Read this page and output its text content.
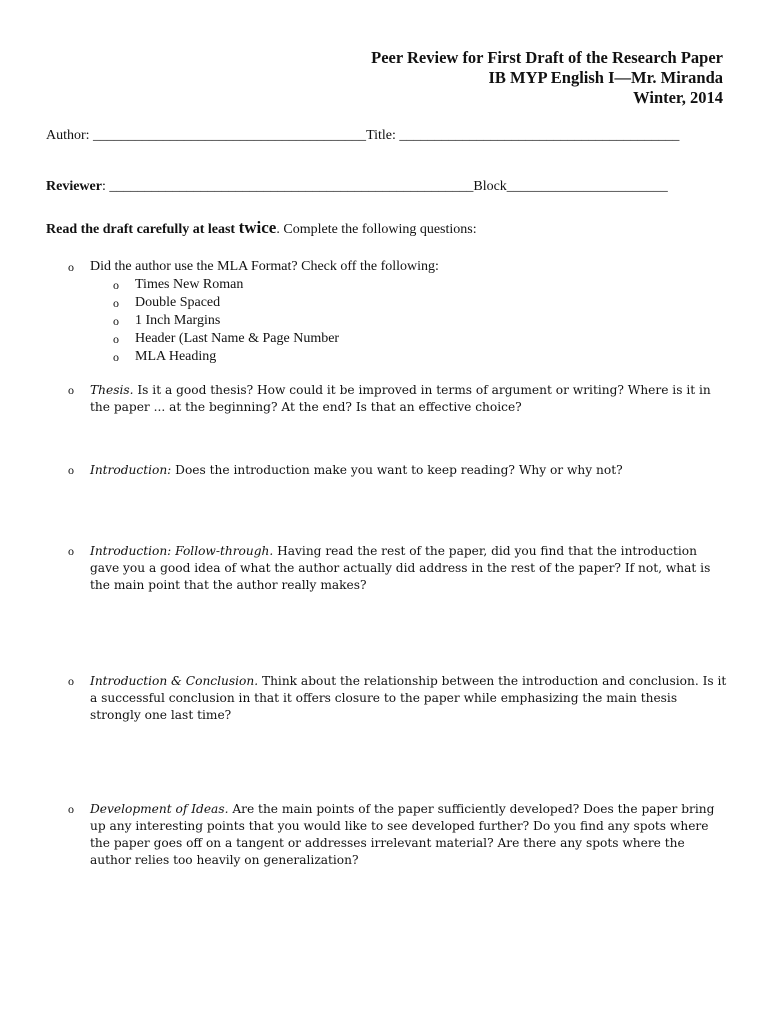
Peer Review for First Draft of the Research Paper
IB MYP English I—Mr. Miranda
Winter, 2014
Author: _______________________________________Title: ________________________________________
Reviewer: ____________________________________________________Block_______________________
Read the draft carefully at least twice. Complete the following questions:
o Did the author use the MLA Format? Check off the following:
o Times New Roman
o Double Spaced
o 1 Inch Margins
o Header (Last Name & Page Number
o MLA Heading
o Thesis. Is it a good thesis? How could it be improved in terms of argument or writing? Where is it in the paper ... at the beginning? At the end? Is that an effective choice?
o Introduction: Does the introduction make you want to keep reading? Why or why not?
o Introduction: Follow-through. Having read the rest of the paper, did you find that the introduction gave you a good idea of what the author actually did address in the rest of the paper? If not, what is the main point that the author really makes?
o Introduction & Conclusion. Think about the relationship between the introduction and conclusion. Is it a successful conclusion in that it offers closure to the paper while emphasizing the main thesis strongly one last time?
o Development of Ideas. Are the main points of the paper sufficiently developed? Does the paper bring up any interesting points that you would like to see developed further? Do you find any spots where the paper goes off on a tangent or addresses irrelevant material? Are there any spots where the author relies too heavily on generalization?
